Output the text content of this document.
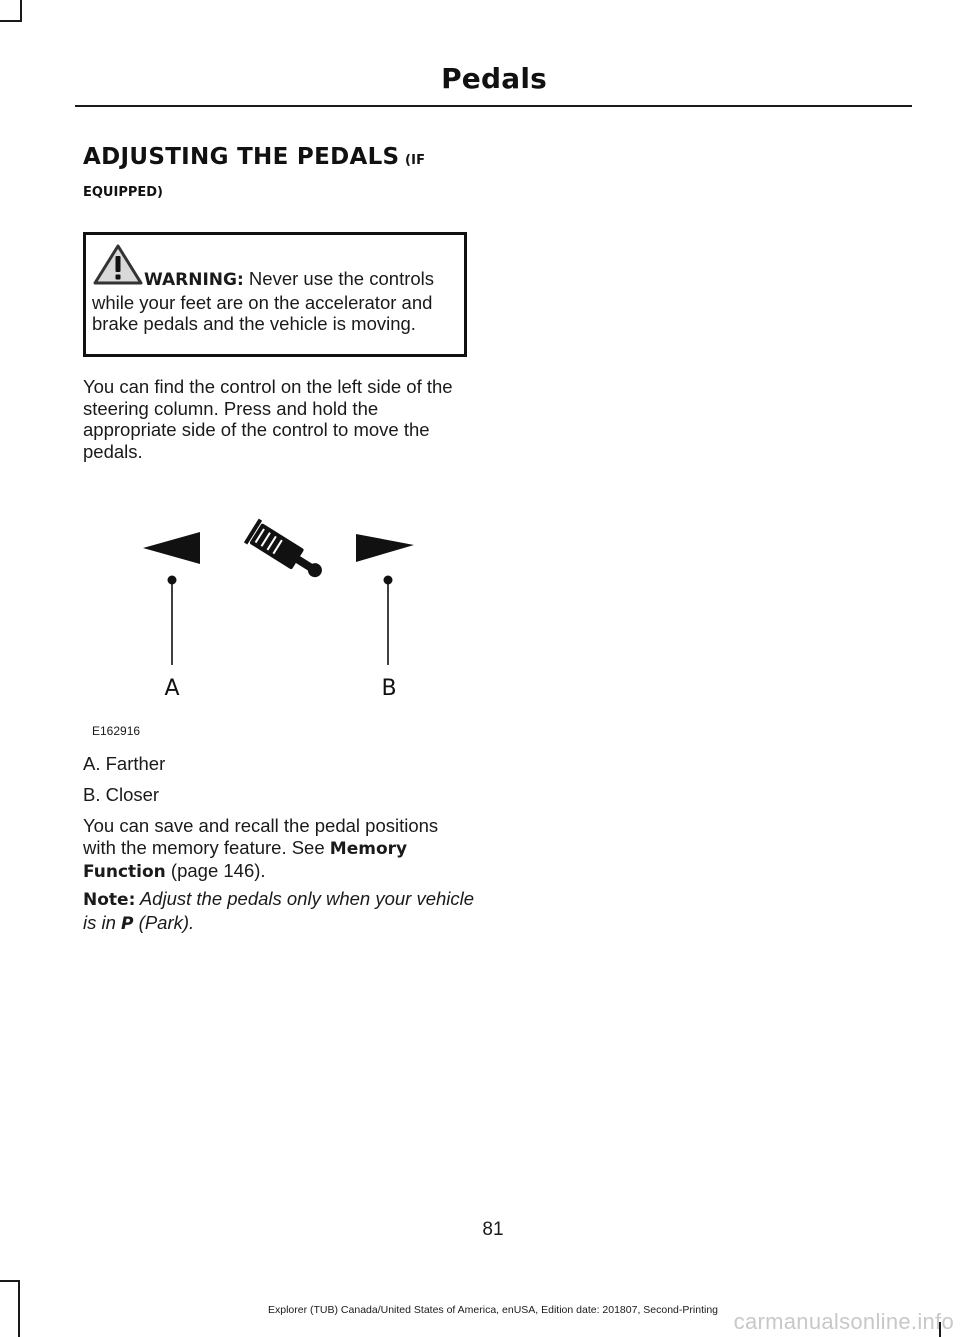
Pedals
ADJUSTING THE PEDALS (IF
EQUIPPED)
WARNING: Never use the controls while your feet are on the accelerator and brake pedals and the vehicle is moving.

You can find the control on the left side of the steering column. Press and hold the appropriate side of the control to move the pedals.

A	B
E162916

A. Farther

B. Closer

You can save and recall the pedal positions with the memory feature. See Memory Function (page 146).

Note: Adjust the pedals only when your vehicle is in P (Park).

81
Explorer (TUB) Canada/United States of America, enUSA, Edition date: 201807, Second-Printing carmanualsonline.info
